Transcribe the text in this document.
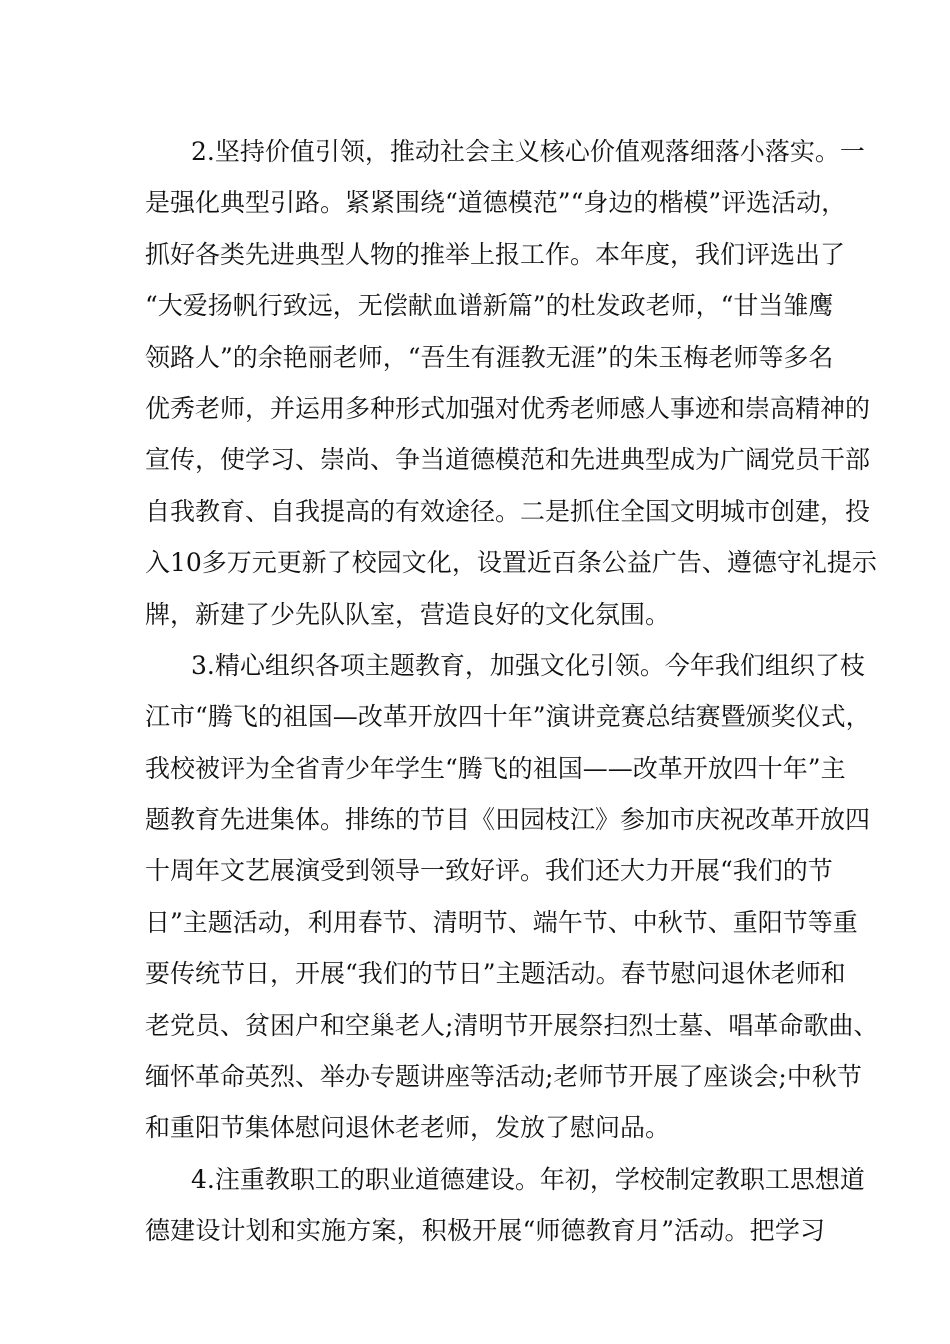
2.坚持价值引领，推动社会主义核心价值观落细落小落实。一
是强化典型引路。紧紧围绕“道德模范”“身边的楷模”评选活动，
抓好各类先进典型人物的推举上报工作。本年度，我们评选出了
“大爱扬帆行致远，无偿献血谱新篇”的杜发政老师，“甘当雏鹰
领路人”的余艳丽老师，“吾生有涯教无涯”的朱玉梅老师等多名
优秀老师，并运用多种形式加强对优秀老师感人事迹和崇高精神的
宣传，使学习、崇尚、争当道德模范和先进典型成为广阔党员干部
自我教育、自我提高的有效途径。二是抓住全国文明城市创建，投
入10多万元更新了校园文化，设置近百条公益广告、遵德守礼提示
牌，新建了少先队队室，营造良好的文化氛围。
3.精心组织各项主题教育，加强文化引领。今年我们组织了枝
江市“腾飞的祖国—改革开放四十年”演讲竞赛总结赛暨颁奖仪式，
我校被评为全省青少年学生“腾飞的祖国——改革开放四十年”主
题教育先进集体。排练的节目《田园枝江》参加市庆祝改革开放四
十周年文艺展演受到领导一致好评。我们还大力开展“我们的节
日”主题活动，利用春节、清明节、端午节、中秋节、重阳节等重
要传统节日，开展“我们的节日”主题活动。春节慰问退休老师和
老党员、贫困户和空巢老人;清明节开展祭扫烈士墓、唱革命歌曲、
缅怀革命英烈、举办专题讲座等活动;老师节开展了座谈会;中秋节
和重阳节集体慰问退休老老师，发放了慰问品。
4.注重教职工的职业道德建设。年初，学校制定教职工思想道
德建设计划和实施方案，积极开展“师德教育月”活动。把学习
